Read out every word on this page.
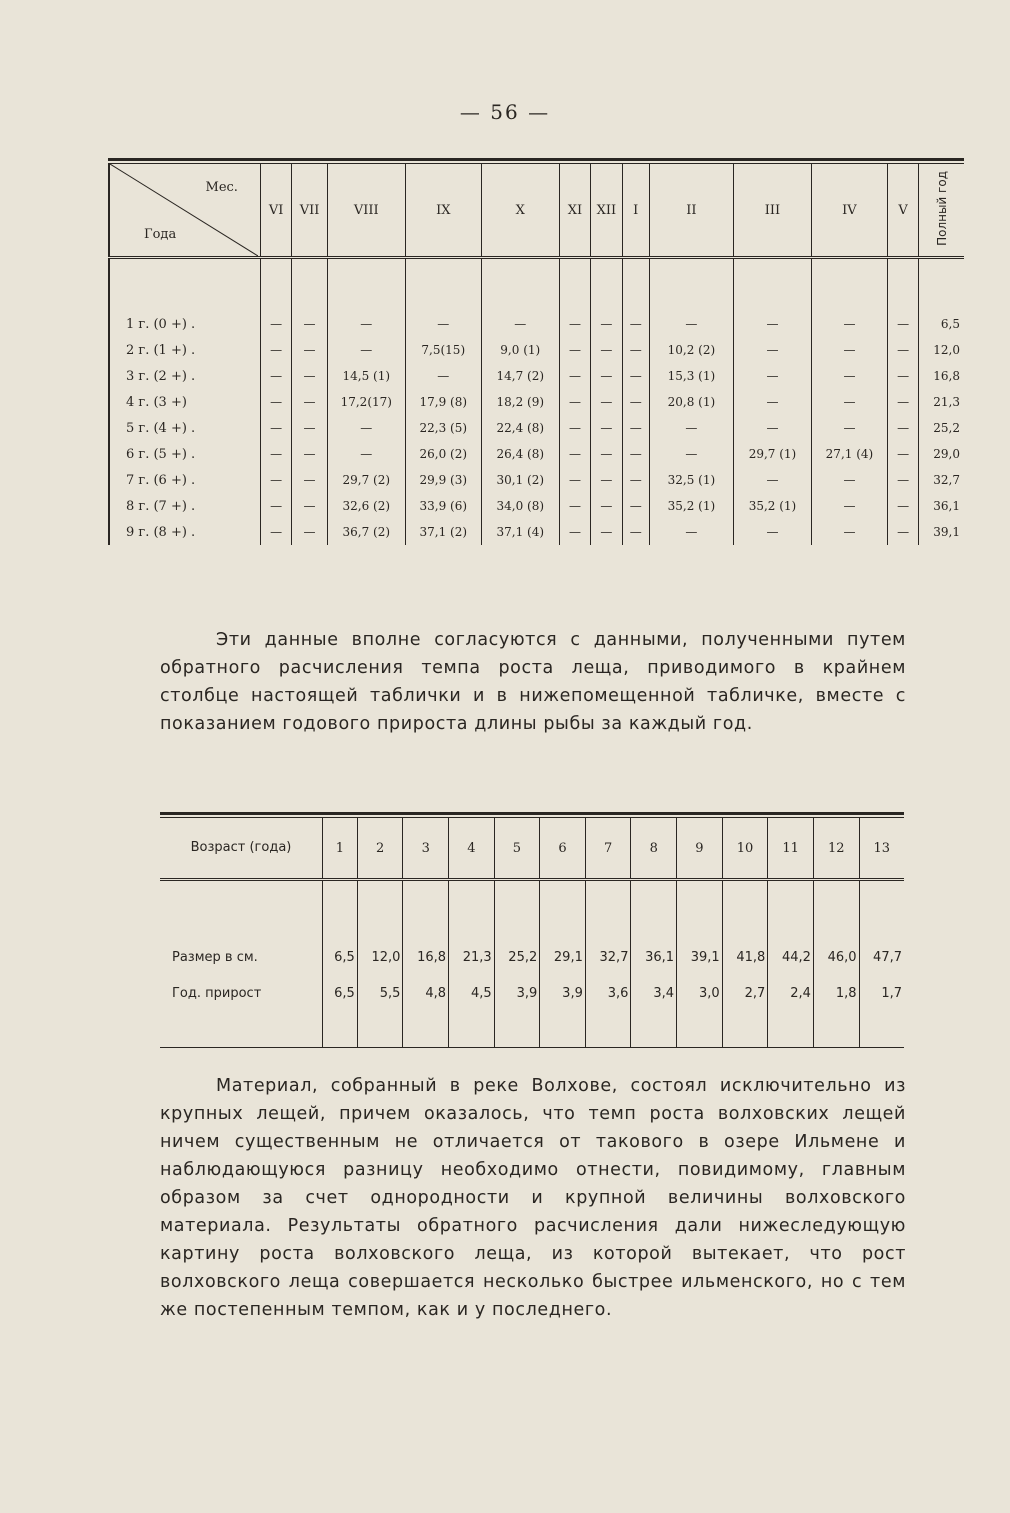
— 56 —
Мес.
Года	VI	VII	VIII	IX	X	XI	XII	I	II	III	IV	V	Полный год

1 г. (0 +) .	—	—	—	—	—	—	—	—	—	—	—	—	6,5
2 г. (1 +) .	—	—	—	7,5(15)	9,0 (1)	—	—	—	10,2 (2)	—	—	—	12,0
3 г. (2 +) .	—	—	14,5 (1)	—	14,7 (2)	—	—	—	15,3 (1)	—	—	—	16,8
4 г. (3 +)	—	—	17,2(17)	17,9 (8)	18,2 (9)	—	—	—	20,8 (1)	—	—	—	21,3
5 г. (4 +) .	—	—	—	22,3 (5)	22,4 (8)	—	—	—	—	—	—	—	25,2
6 г. (5 +) .	—	—	—	26,0 (2)	26,4 (8)	—	—	—	—	29,7 (1)	27,1 (4)	—	29,0
7 г. (6 +) .	—	—	29,7 (2)	29,9 (3)	30,1 (2)	—	—	—	32,5 (1)	—	—	—	32,7
8 г. (7 +) .	—	—	32,6 (2)	33,9 (6)	34,0 (8)	—	—	—	35,2 (1)	35,2 (1)	—	—	36,1
9 г. (8 +) .	—	—	36,7 (2)	37,1 (2)	37,1 (4)	—	—	—	—	—	—	—	39,1

Эти данные вполне согласуются с данными, полученными путем обратного расчисления темпа роста леща, приводимого в крайнем столбце настоящей таблички и в нижепомещенной табличке, вместе с показанием годового прироста длины рыбы за каждый год.

Возраст (года)	1	2	3	4	5	6	7	8	9	10	11	12	13

Размер в см.	6,5	12,0	16,8	21,3	25,2	29,1	32,7	36,1	39,1	41,8	44,2	46,0	47,7
Год. прирост	6,5	5,5	4,8	4,5	3,9	3,9	3,6	3,4	3,0	2,7	2,4	1,8	1,7

Материал, собранный в реке Волхове, состоял исключительно из крупных лещей, причем оказалось, что темп роста волховских лещей ничем существенным не отличается от такового в озере Ильмене и наблюдающуюся разницу необходимо отнести, повидимому, главным образом за счет однородности и крупной величины волховского материала. Результаты обратного расчисления дали нижеследующую картину роста волховского леща, из которой вытекает, что рост волховского леща совершается несколько быстрее ильменского, но с тем же постепенным темпом, как и у последнего.
